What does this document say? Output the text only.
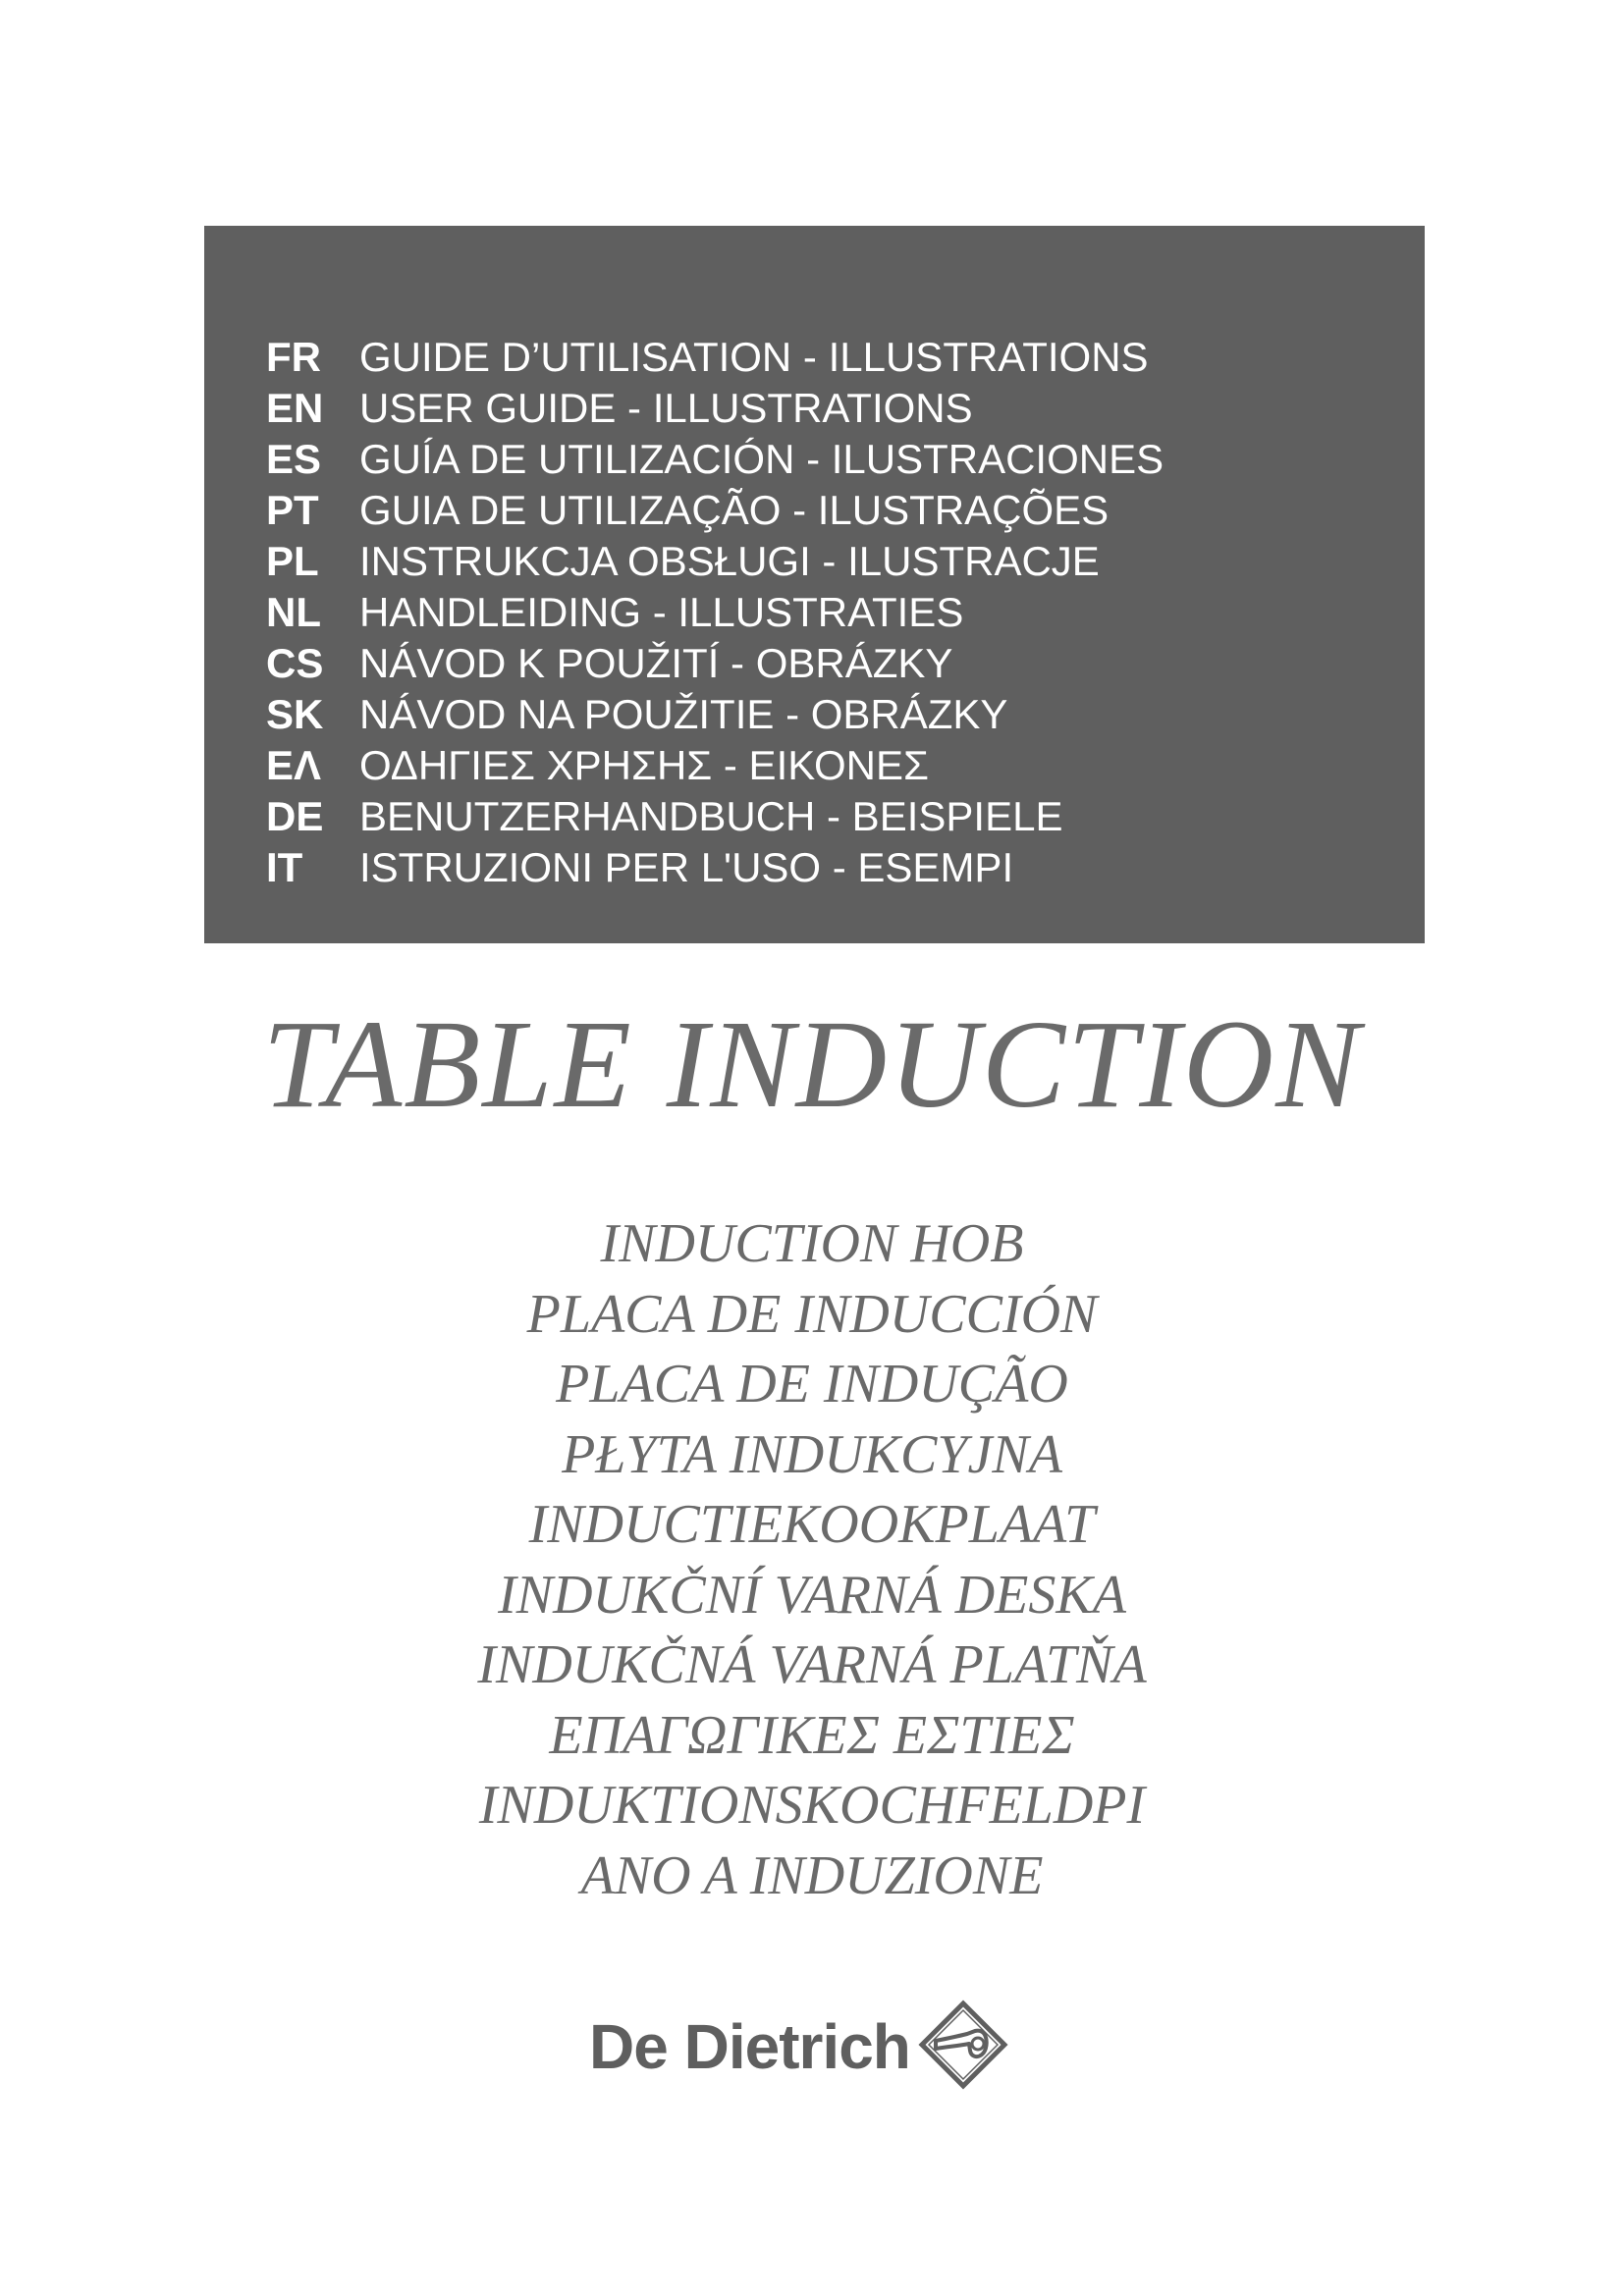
FR GUIDE D’UTILISATION - ILLUSTRATIONS
EN USER GUIDE - ILLUSTRATIONS
ES GUÍA DE UTILIZACIÓN - ILUSTRACIONES
PT GUIA DE UTILIZAÇÃO - ILUSTRAÇÕES
PL INSTRUKCJA OBSŁUGI - ILUSTRACJE
NL HANDLEIDING - ILLUSTRATIES
CS NÁVOD K POUŽITÍ - OBRÁZKY
SK NÁVOD NA POUŽITIE - OBRÁZKY
ΕΛ ΟΔΗΓΙΕΣ ΧΡΗΣΗΣ - ΕΙΚΟΝΕΣ
DE BENUTZERHANDBUCH - BEISPIELE
IT	ISTRUZIONI PER L'USO - ESEMPI
TABLE INDUCTION
INDUCTION HOB
PLACA DE INDUCCIÓN
PLACA DE INDUÇÃO
PŁYTA INDUKCYJNA
INDUCTIEKOOKPLAAT
INDUKČNÍ VARNÁ DESKA
INDUKČNÁ VARNÁ PLATŇA
ΕΠΑΓΩΓΙΚΕΣ ΕΣΤΙΕΣ
INDUKTIONSKOCHFELDPI
ANO A INDUZIONE
De Dietrich
